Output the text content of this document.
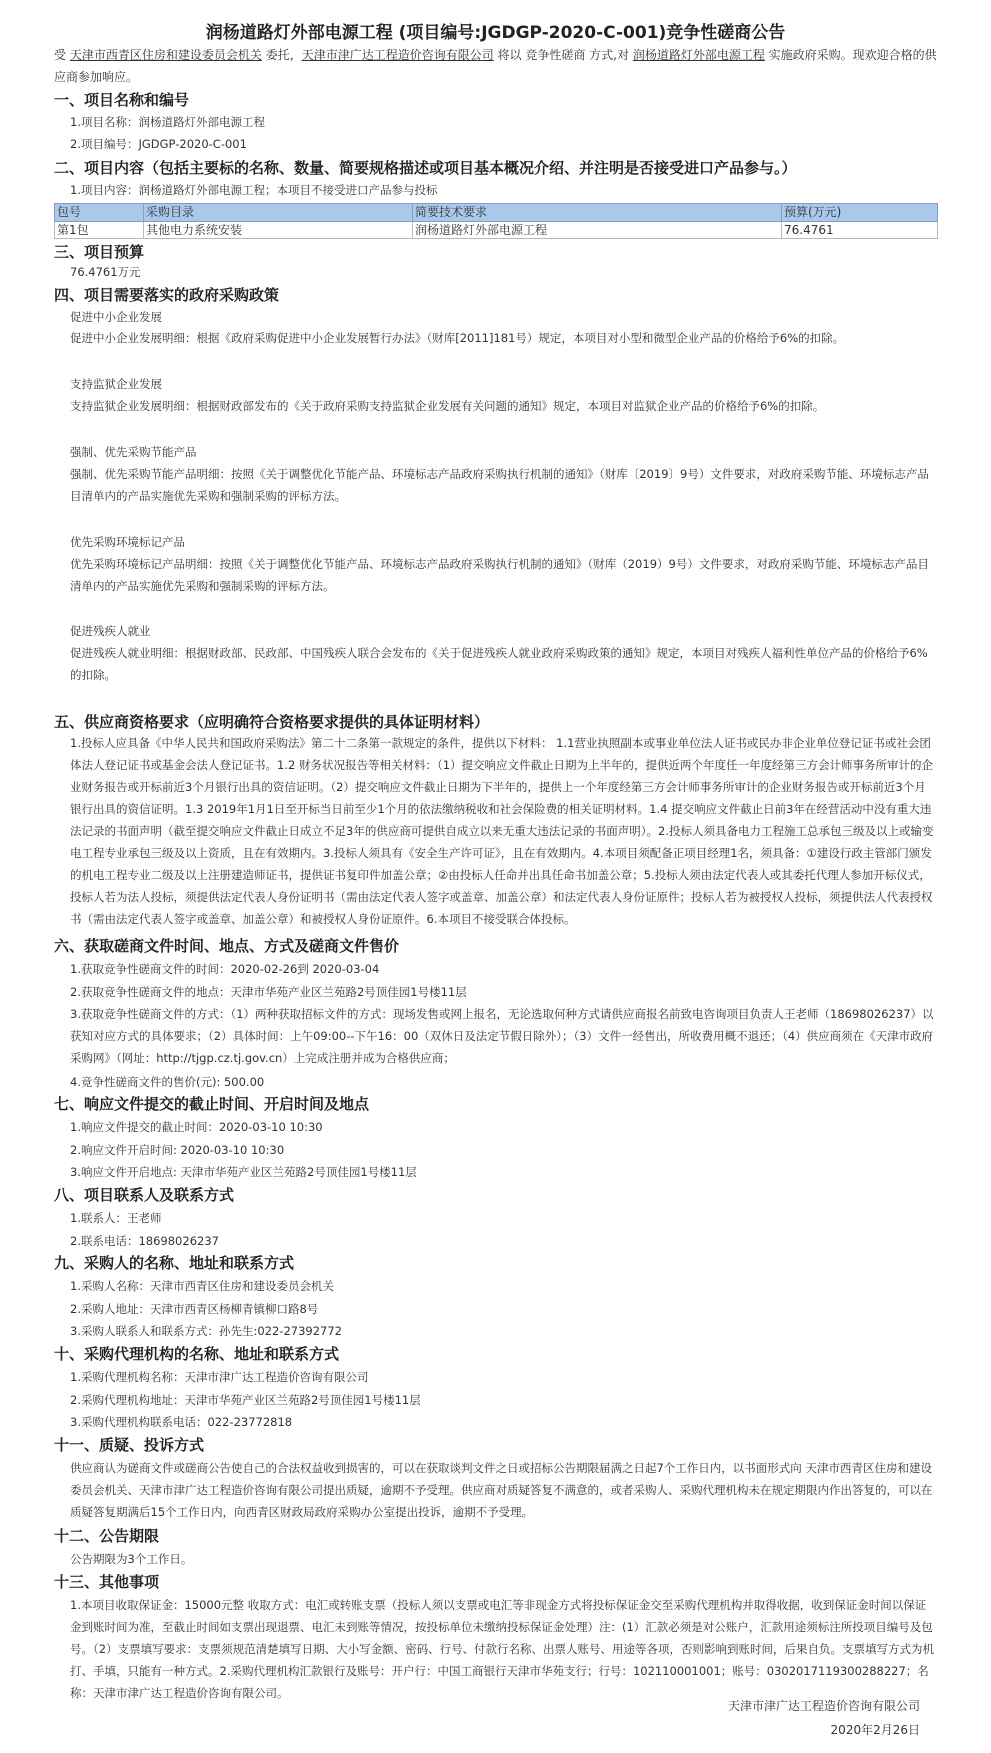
润杨道路灯外部电源工程 (项目编号:JGDGP-2020-C-001)竞争性磋商公告
受 天津市西青区住房和建设委员会机关 委托，天津市津广达工程造价咨询有限公司 将以 竞争性磋商 方式,对 润杨道路灯外部电源工程 实施政府采购。现欢迎合格的供应商参加响应。
一、项目名称和编号
1.项目名称：润杨道路灯外部电源工程
2.项目编号：JGDGP-2020-C-001
二、项目内容（包括主要标的名称、数量、简要规格描述或项目基本概况介绍、并注明是否接受进口产品参与。）
1.项目内容：润杨道路灯外部电源工程；本项目不接受进口产品参与投标
包号	采购目录	简要技术要求	预算(万元)
第1包	其他电力系统安装	润杨道路灯外部电源工程	76.4761
三、项目预算
76.4761万元
四、项目需要落实的政府采购政策
促进中小企业发展
促进中小企业发展明细：根据《政府采购促进中小企业发展暂行办法》（财库[2011]181号）规定，本项目对小型和微型企业产品的价格给予6%的扣除。
支持监狱企业发展
支持监狱企业发展明细：根据财政部发布的《关于政府采购支持监狱企业发展有关问题的通知》规定，本项目对监狱企业产品的价格给予6%的扣除。
强制、优先采购节能产品
强制、优先采购节能产品明细：按照《关于调整优化节能产品、环境标志产品政府采购执行机制的通知》（财库〔2019〕9号）文件要求，对政府采购节能、环境标志产品目清单内的产品实施优先采购和强制采购的评标方法。
优先采购环境标记产品
优先采购环境标记产品明细：按照《关于调整优化节能产品、环境标志产品政府采购执行机制的通知》（财库（2019）9号）文件要求，对政府采购节能、环境标志产品目清单内的产品实施优先采购和强制采购的评标方法。
促进残疾人就业
促进残疾人就业明细：根据财政部、民政部、中国残疾人联合会发布的《关于促进残疾人就业政府采购政策的通知》规定，本项目对残疾人福利性单位产品的价格给予6%的扣除。
五、供应商资格要求（应明确符合资格要求提供的具体证明材料）
1.投标人应具备《中华人民共和国政府采购法》第二十二条第一款规定的条件，提供以下材料： 1.1营业执照副本或事业单位法人证书或民办非企业单位登记证书或社会团体法人登记证书或基金会法人登记证书。1.2 财务状况报告等相关材料：（1）提交响应文件截止日期为上半年的，提供近两个年度任一年度经第三方会计师事务所审计的企业财务报告或开标前近3个月银行出具的资信证明。（2）提交响应文件截止日期为下半年的，提供上一个年度经第三方会计师事务所审计的企业财务报告或开标前近3个月银行出具的资信证明。1.3 2019年1月1日至开标当日前至少1个月的依法缴纳税收和社会保险费的相关证明材料。1.4 提交响应文件截止日前3年在经营活动中没有重大违法记录的书面声明（截至提交响应文件截止日成立不足3年的供应商可提供自成立以来无重大违法记录的书面声明）。2.投标人须具备电力工程施工总承包三级及以上或输变电工程专业承包三级及以上资质，且在有效期内。3.投标人须具有《安全生产许可证》，且在有效期内。4.本项目须配备正项目经理1名，须具备：①建设行政主管部门颁发的机电工程专业二级及以上注册建造师证书，提供证书复印件加盖公章；②由投标人任命并出具任命书加盖公章；5.投标人须由法定代表人或其委托代理人参加开标仪式，投标人若为法人投标，须提供法定代表人身份证明书（需由法定代表人签字或盖章、加盖公章）和法定代表人身份证原件；投标人若为被授权人投标，须提供法人代表授权书（需由法定代表人签字或盖章、加盖公章）和被授权人身份证原件。6.本项目不接受联合体投标。
六、获取磋商文件时间、地点、方式及磋商文件售价
1.获取竞争性磋商文件的时间：2020-02-26到 2020-03-04
2.获取竞争性磋商文件的地点：天津市华苑产业区兰苑路2号顶佳园1号楼11层
3.获取竞争性磋商文件的方式：（1）两种获取招标文件的方式：现场发售或网上报名，无论选取何种方式请供应商报名前致电咨询项目负责人王老师（18698026237）以获知对应方式的具体要求；（2）具体时间：上午09:00--下午16：00（双休日及法定节假日除外）；（3）文件一经售出，所收费用概不退还；（4）供应商须在《天津市政府采购网》（网址：http://tjgp.cz.tj.gov.cn）上完成注册并成为合格供应商；
4.竞争性磋商文件的售价(元): 500.00
七、响应文件提交的截止时间、开启时间及地点
1.响应文件提交的截止时间：2020-03-10 10:30
2.响应文件开启时间: 2020-03-10 10:30
3.响应文件开启地点: 天津市华苑产业区兰苑路2号顶佳园1号楼11层
八、项目联系人及联系方式
1.联系人：王老师
2.联系电话：18698026237
九、采购人的名称、地址和联系方式
1.采购人名称：天津市西青区住房和建设委员会机关
2.采购人地址：天津市西青区杨柳青镇柳口路8号
3.采购人联系人和联系方式：孙先生:022-27392772
十、采购代理机构的名称、地址和联系方式
1.采购代理机构名称：天津市津广达工程造价咨询有限公司
2.采购代理机构地址：天津市华苑产业区兰苑路2号顶佳园1号楼11层
3.采购代理机构联系电话：022-23772818
十一、质疑、投诉方式
供应商认为磋商文件或磋商公告使自己的合法权益收到损害的，可以在获取谈判文件之日或招标公告期限届满之日起7个工作日内，以书面形式向 天津市西青区住房和建设委员会机关、天津市津广达工程造价咨询有限公司提出质疑，逾期不予受理。供应商对质疑答复不满意的，或者采购人、采购代理机构未在规定期限内作出答复的，可以在质疑答复期满后15个工作日内，向西青区财政局政府采购办公室提出投诉，逾期不予受理。
十二、公告期限
公告期限为3个工作日。
十三、其他事项
1.本项目收取保证金：15000元整 收取方式：电汇或转账支票（投标人须以支票或电汇等非现金方式将投标保证金交至采购代理机构并取得收据，收到保证金时间以保证金到账时间为准，至截止时间如支票出现退票、电汇未到账等情况，按投标单位未缴纳投标保证金处理）注：(1）汇款必须是对公账户，汇款用途须标注所投项目编号及包号。（2）支票填写要求：支票须规范清楚填写日期、大小写金额、密码、行号、付款行名称、出票人账号、用途等各项，否则影响到账时间，后果自负。支票填写方式为机打、手填，只能有一种方式。2.采购代理机构汇款银行及账号：开户行：中国工商银行天津市华苑支行；行号：102110001001；账号：0302017119300288227；名称：天津市津广达工程造价咨询有限公司。
天津市津广达工程造价咨询有限公司
2020年2月26日
